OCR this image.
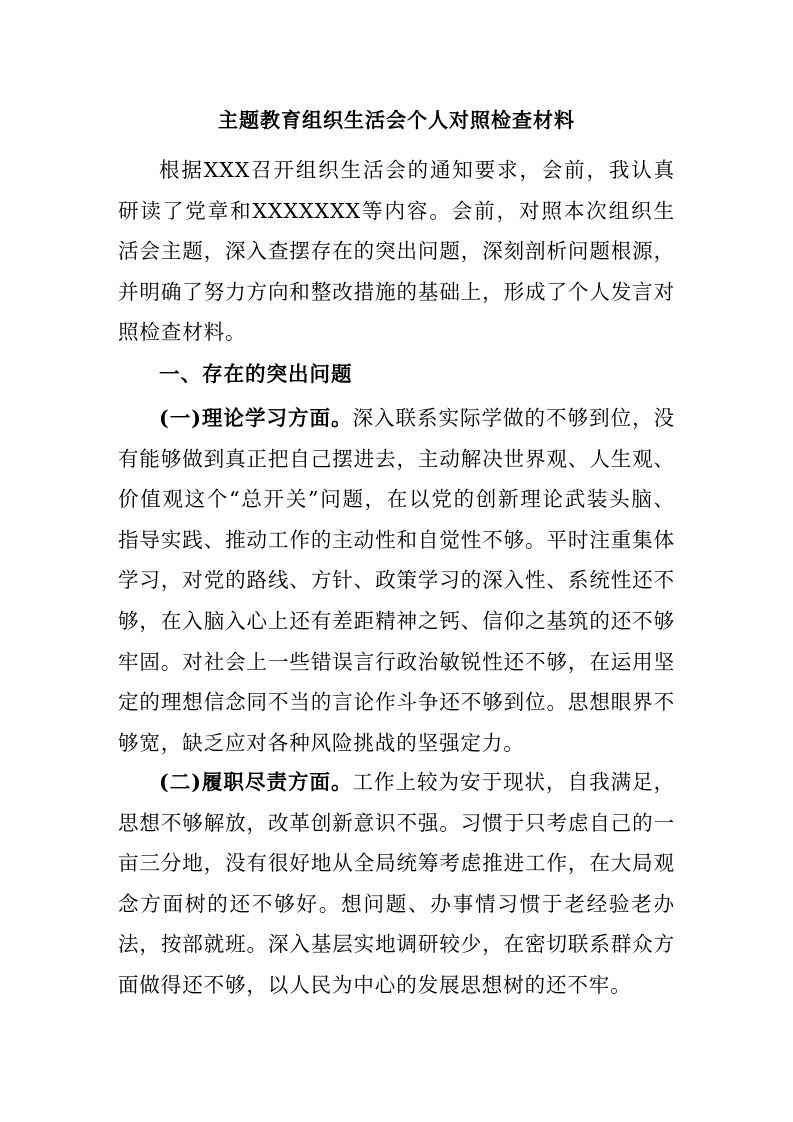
主题教育组织生活会个人对照检查材料

根据XXX召开组织生活会的通知要求，会前，我认真研读了党章和XXXXXXX等内容。会前，对照本次组织生活会主题，深入查摆存在的突出问题，深刻剖析问题根源，并明确了努力方向和整改措施的基础上，形成了个人发言对照检查材料。

一、存在的突出问题

(一)理论学习方面。深入联系实际学做的不够到位，没有能够做到真正把自己摆进去，主动解决世界观、人生观、价值观这个“总开关”问题，在以党的创新理论武装头脑、指导实践、推动工作的主动性和自觉性不够。平时注重集体学习，对党的路线、方针、政策学习的深入性、系统性还不够，在入脑入心上还有差距精神之钙、信仰之基筑的还不够牢固。对社会上一些错误言行政治敏锐性还不够，在运用坚定的理想信念同不当的言论作斗争还不够到位。思想眼界不够宽，缺乏应对各种风险挑战的坚强定力。

(二)履职尽责方面。工作上较为安于现状，自我满足，思想不够解放，改革创新意识不强。习惯于只考虑自己的一亩三分地，没有很好地从全局统筹考虑推进工作，在大局观念方面树的还不够好。想问题、办事情习惯于老经验老办法，按部就班。深入基层实地调研较少，在密切联系群众方面做得还不够，以人民为中心的发展思想树的还不牢。
